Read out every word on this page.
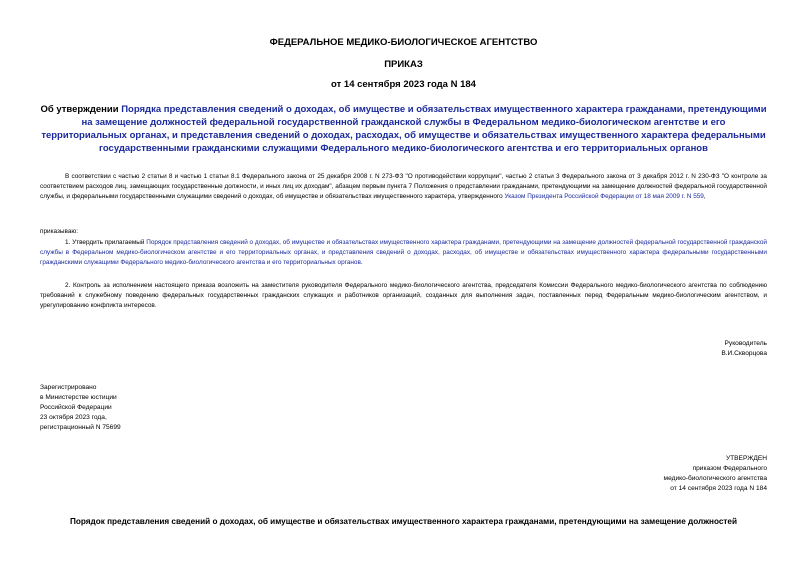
ФЕДЕРАЛЬНОЕ МЕДИКО-БИОЛОГИЧЕСКОЕ АГЕНТСТВО
ПРИКАЗ
от 14 сентября 2023 года N 184
Об утверждении Порядка представления сведений о доходах, об имуществе и обязательствах имущественного характера гражданами, претендующими на замещение должностей федеральной государственной гражданской службы в Федеральном медико-биологическом агентстве и его территориальных органах, и представления сведений о доходах, расходах, об имуществе и обязательствах имущественного характера федеральными государственными гражданскими служащими Федерального медико-биологического агентства и его территориальных органов
В соответствии с частью 2 статьи 8 и частью 1 статьи 8.1 Федерального закона от 25 декабря 2008 г. N 273-ФЗ "О противодействии коррупции", частью 2 статьи 3 Федерального закона от 3 декабря 2012 г. N 230-ФЗ "О контроле за соответствием расходов лиц, замещающих государственные должности, и иных лиц их доходам", абзацем первым пункта 7 Положения о представлении гражданами, претендующими на замещение должностей федеральной государственной службы, и федеральными государственными служащими сведений о доходах, об имуществе и обязательствах имущественного характера, утвержденного Указом Президента Российской Федерации от 18 мая 2009 г. N 559,
приказываю:
1. Утвердить прилагаемый Порядок представления сведений о доходах, об имуществе и обязательствах имущественного характера гражданами, претендующими на замещение должностей федеральной государственной гражданской службы в Федеральном медико-биологическом агентстве и его территориальных органах, и представления сведений о доходах, расходах, об имуществе и обязательствах имущественного характера федеральными государственными гражданскими служащими Федерального медико-биологического агентства и его территориальных органов.
2. Контроль за исполнением настоящего приказа возложить на заместителя руководителя Федерального медико-биологического агентства, председателя Комиссии Федерального медико-биологического агентства по соблюдению требований к служебному поведению федеральных государственных гражданских служащих и работников организаций, созданных для выполнения задач, поставленных перед Федеральным медико-биологическим агентством, и урегулированию конфликта интересов.
Руководитель
В.И.Скворцова
Зарегистрировано
в Министерстве юстиции
Российской Федерации
23 октября 2023 года,
регистрационный N 75699
УТВЕРЖДЕН
приказом Федерального
медико-биологического агентства
от 14 сентября 2023 года N 184
Порядок представления сведений о доходах, об имуществе и обязательствах имущественного характера гражданами, претендующими на замещение должностей
